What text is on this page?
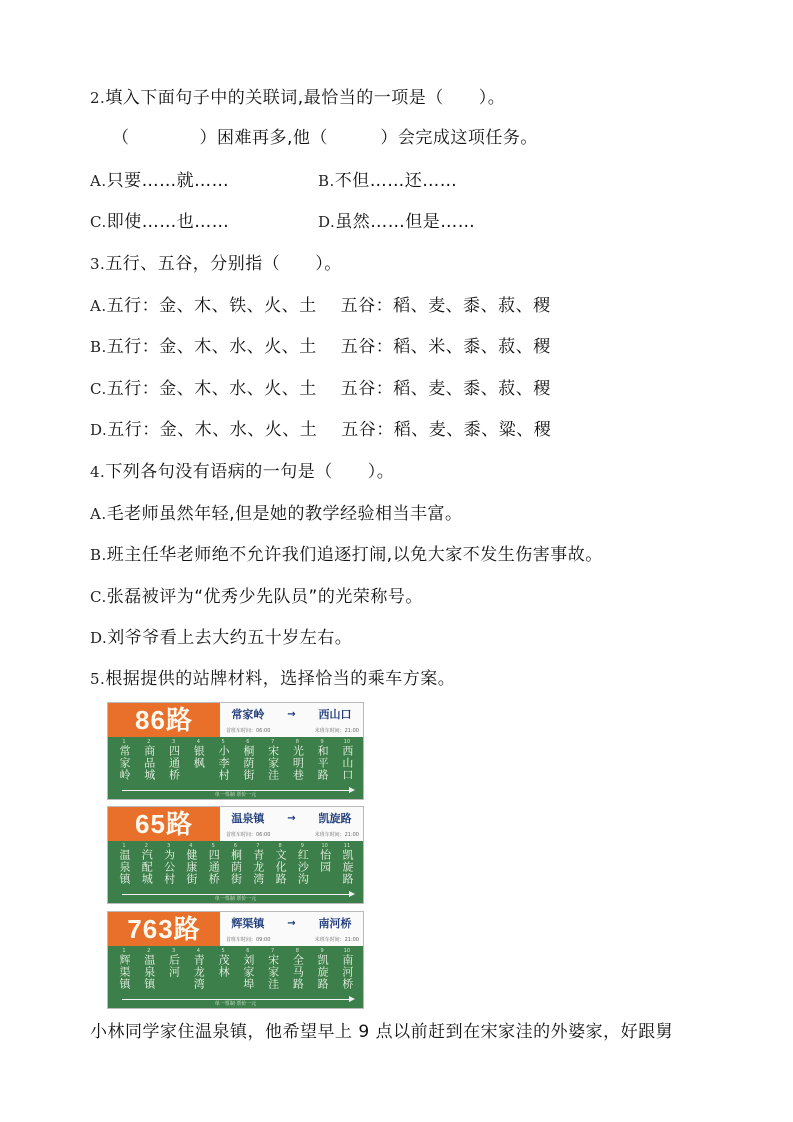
2.填入下面句子中的关联词,最恰当的一项是（　　）。
（　　　　）困难再多,他（　　　）会完成这项任务。
A.只要……就……	B.不但……还……
C.即使……也……	D.虽然……但是……
3.五行、五谷，分别指（　　）。
A.五行：金、木、铁、火、土 五谷：稻、麦、黍、菽、稷
B.五行：金、木、水、火、土 五谷：稻、米、黍、菽、稷
C.五行：金、木、水、火、土 五谷：稻、麦、黍、菽、稷
D.五行：金、木、水、火、土 五谷：稻、麦、黍、粱、稷
4.下列各句没有语病的一句是（　　）。
A.毛老师虽然年轻,但是她的教学经验相当丰富。
B.班主任华老师绝不允许我们追逐打闹,以免大家不发生伤害事故。
C.张磊被评为“优秀少先队员”的光荣称号。
D.刘爷爷看上去大约五十岁左右。
5.根据提供的站牌材料，选择恰当的乘车方案。
86路	常家岭 → 西山口
首班车时间：06:00	末班车时间：21:00
1
常家岭
2
商品城
3
四通桥
4
银枫
5
小李村
6
桐荫街
7
宋家洼
8
光明巷
9
和平路
10
西山口
单一票制 票价一元
65路	温泉镇 → 凯旋路
首班车时间：06:00	末班车时间：21:00
1
温泉镇
2
汽配城
3
为公村
4
健康街
5
四通桥
6
桐荫街
7
青龙湾
8
文化路
9
红沙沟
10
怡园
11
凯旋路
单一票制 票价一元
763路	辉渠镇 → 南河桥
首班车时间：09:00	末班车时间：21:00
1
辉渠镇
2
温泉镇
3
后河
4
青龙湾
5
茂林
6
刘家埠
7
宋家洼
8
全马路
9
凯旋路
10
南河桥
单一票制 票价一元
小林同学家住温泉镇，他希望早上 9 点以前赶到在宋家洼的外婆家，好跟舅
